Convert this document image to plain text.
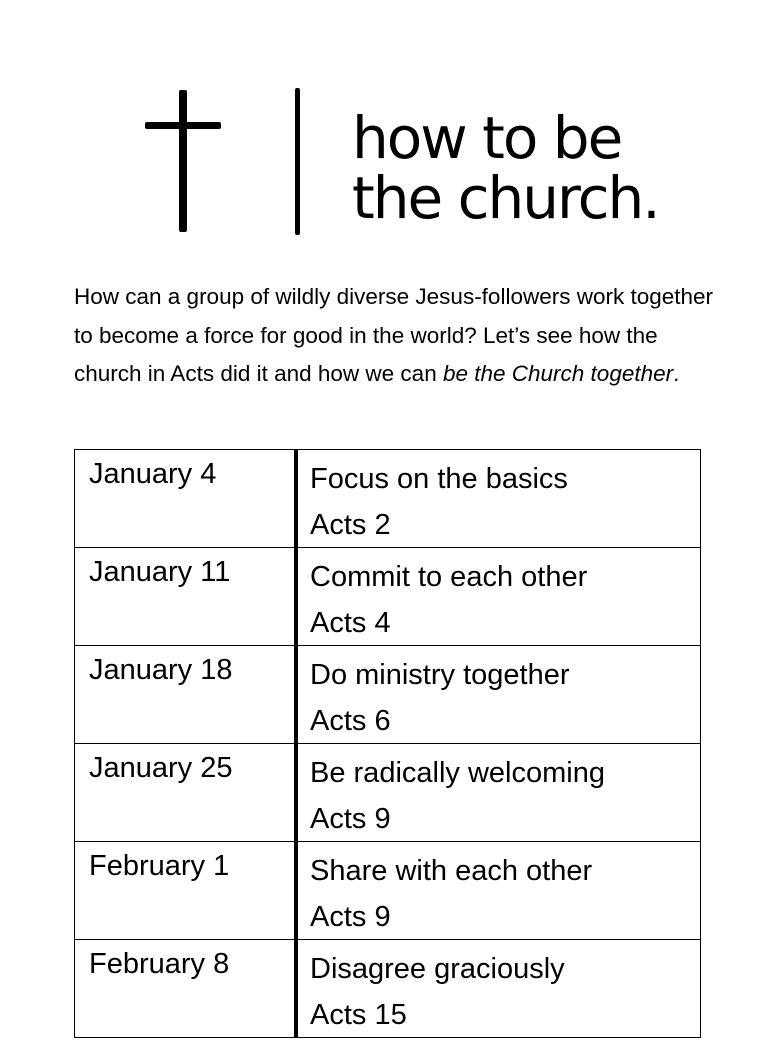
how to be
the church.

How can a group of wildly diverse Jesus-followers work together to become a force for good in the world? Let’s see how the church in Acts did it and how we can be the Church together.

January 4	Focus on the basics
Acts 2

January 11	Commit to each other
Acts 4

January 18	Do ministry together
Acts 6

January 25	Be radically welcoming
Acts 9

February 1	Share with each other
Acts 9

February 8	Disagree graciously
Acts 15
